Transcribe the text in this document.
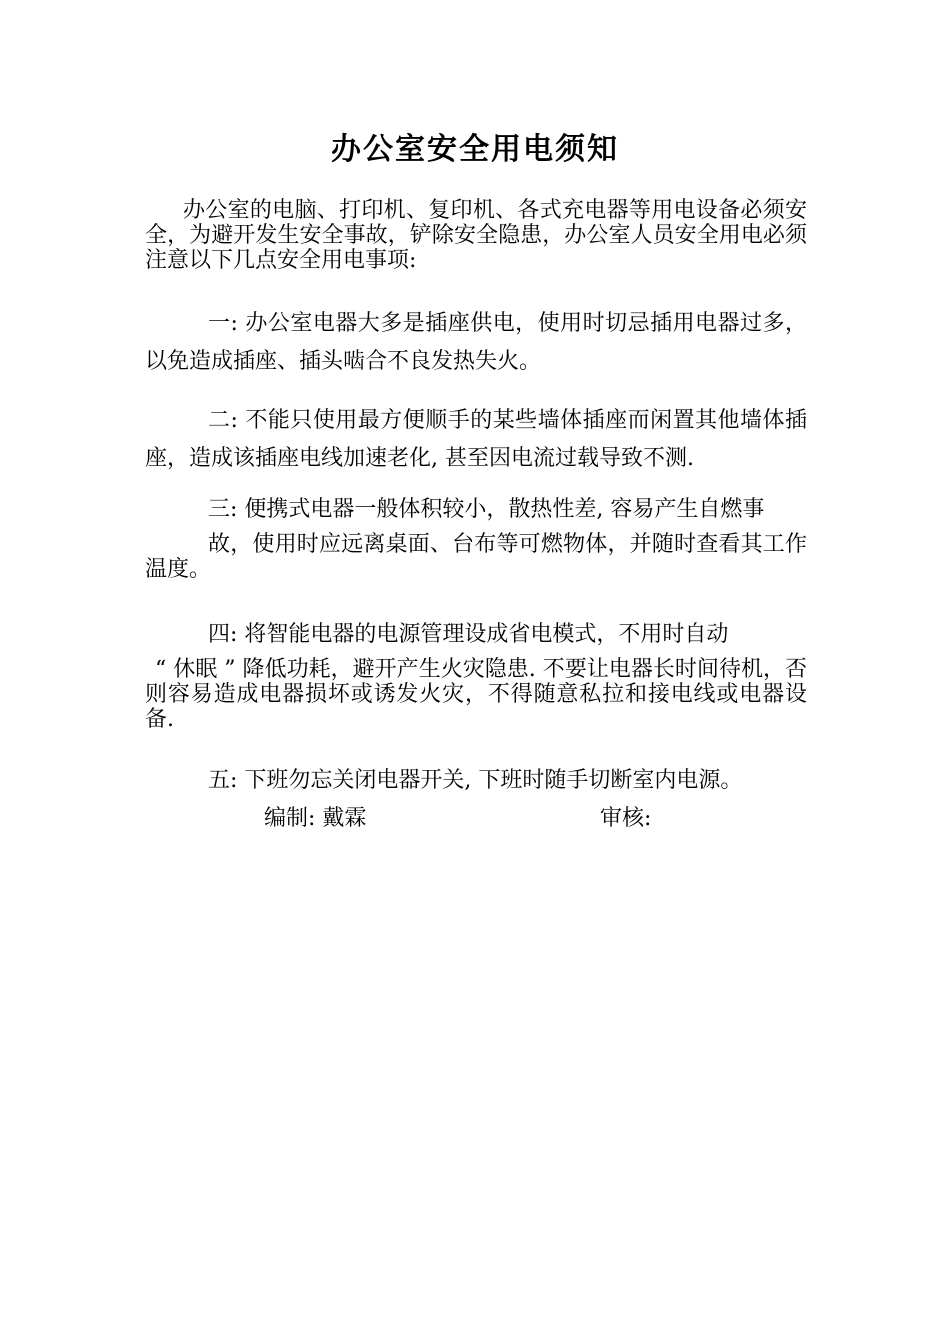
办公室安全用电须知

办公室的电脑、打印机、复印机、各式充电器等用电设备必须安全，为避开发生安全事故，铲除安全隐患，办公室人员安全用电必须注意以下几点安全用电事项:

一: 办公室电器大多是插座供电，使用时切忌插用电器过多，以免造成插座、插头啮合不良发热失火。

二: 不能只使用最方便顺手的某些墙体插座而闲置其他墙体插座，造成该插座电线加速老化, 甚至因电流过载导致不测.

三: 便携式电器一般体积较小，散热性差, 容易产生自燃事
故，使用时应远离桌面、台布等可燃物体，并随时查看其工作温度。

四: 将智能电器的电源管理设成省电模式，不用时自动
“ 休眠 ” 降低功耗，避开产生火灾隐患. 不要让电器长时间待机，否则容易造成电器损坏或诱发火灾，不得随意私拉和接电线或电器设备.

五: 下班勿忘关闭电器开关, 下班时随手切断室内电源。

编制: 戴霖	审核:
